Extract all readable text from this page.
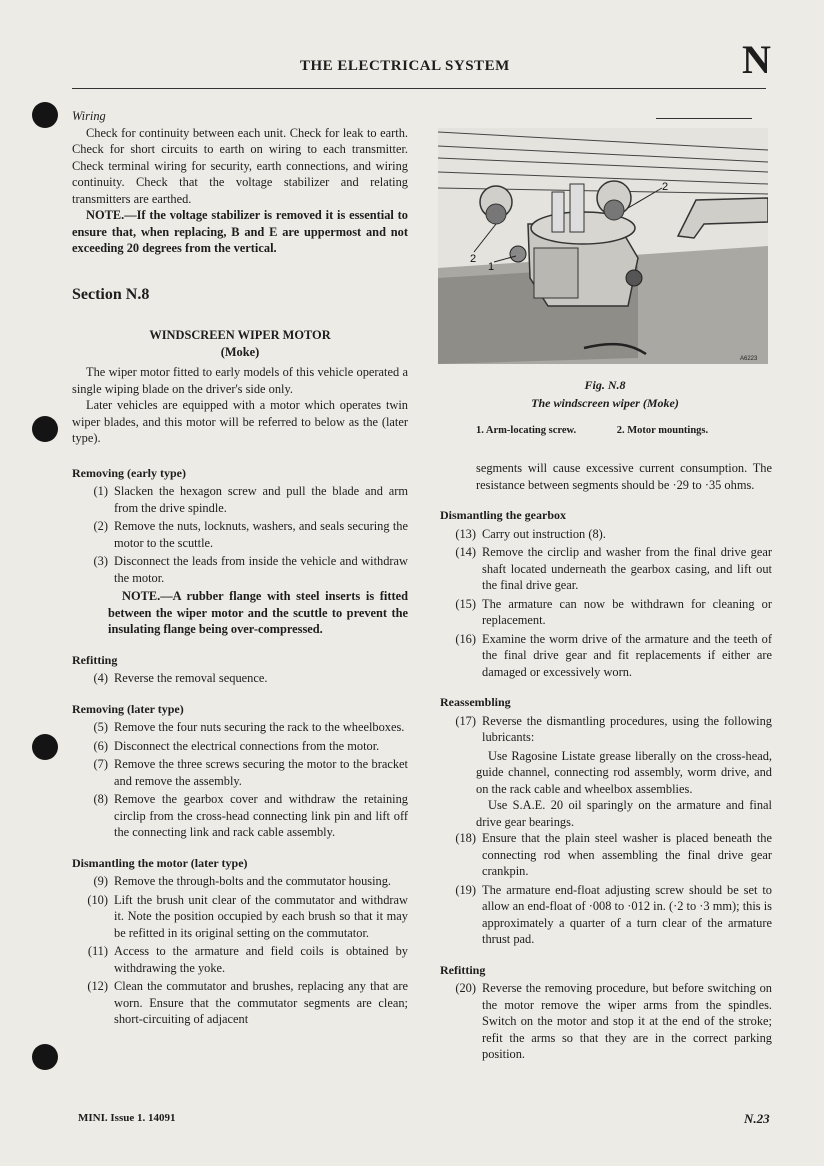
THE ELECTRICAL SYSTEM	N

Wiring

Check for continuity between each unit. Check for leak to earth. Check for short circuits to earth on wiring to each transmitter. Check terminal wiring for security, earth connections, and wiring continuity. Check that the voltage stabilizer and relating transmitters are earthed.

NOTE.—If the voltage stabilizer is removed it is essential to ensure that, when replacing, B and E are uppermost and not exceeding 20 degrees from the vertical.

Section N.8

WINDSCREEN WIPER MOTOR

(Moke)

The wiper motor fitted to early models of this vehicle operated a single wiping blade on the driver's side only.

Later vehicles are equipped with a motor which operates twin wiper blades, and this motor will be referred to below as the (later type).

Removing (early type)
(1) Slacken the hexagon screw and pull the blade and arm from the drive spindle.
(2) Remove the nuts, locknuts, washers, and seals securing the motor to the scuttle.
(3) Disconnect the leads from inside the vehicle and withdraw the motor.

NOTE.—A rubber flange with steel inserts is fitted between the wiper motor and the scuttle to prevent the insulating flange being over-compressed.

Refitting
(4) Reverse the removal sequence.
Removing (later type)
(5) Remove the four nuts securing the rack to the wheelboxes.
(6) Disconnect the electrical connections from the motor.
(7) Remove the three screws securing the motor to the bracket and remove the assembly.
(8) Remove the gearbox cover and withdraw the retaining circlip from the cross-head connecting link pin and lift off the connecting link and rack cable assembly.
Dismantling the motor (later type)
(9) Remove the through-bolts and the commutator housing.
(10) Lift the brush unit clear of the commutator and withdraw it. Note the position occupied by each brush so that it may be refitted in its original setting on the commutator.
(11) Access to the armature and field coils is obtained by withdrawing the yoke.
(12) Clean the commutator and brushes, replacing any that are worn. Ensure that the commutator segments are clean; short-circuiting of adjacent
2
2
1
A6223
Fig. N.8
The windscreen wiper (Moke)
1. Arm-locating screw.	2. Motor mountings.

segments will cause excessive current consumption. The resistance between segments should be ·29 to ·35 ohms.

Dismantling the gearbox
(13) Carry out instruction (8).
(14) Remove the circlip and washer from the final drive gear shaft located underneath the gearbox casing, and lift out the final drive gear.
(15) The armature can now be withdrawn for cleaning or replacement.
(16) Examine the worm drive of the armature and the teeth of the final drive gear and fit replacements if either are damaged or excessively worn.
Reassembling
(17) Reverse the dismantling procedures, using the following lubricants:

Use Ragosine Listate grease liberally on the cross-head, guide channel, connecting rod assembly, worm drive, and on the rack cable and wheelbox assemblies.

Use S.A.E. 20 oil sparingly on the armature and final drive gear bearings.

(18) Ensure that the plain steel washer is placed beneath the connecting rod when assembling the final drive gear crankpin.
(19) The armature end-float adjusting screw should be set to allow an end-float of ·008 to ·012 in. (·2 to ·3 mm); this is approximately a quarter of a turn clear of the armature thrust pad.
Refitting
(20) Reverse the removing procedure, but before switching on the motor remove the wiper arms from the spindles. Switch on the motor and stop it at the end of the stroke; refit the arms so that they are in the correct parking position.
MINI. Issue 1. 14091	N.23
